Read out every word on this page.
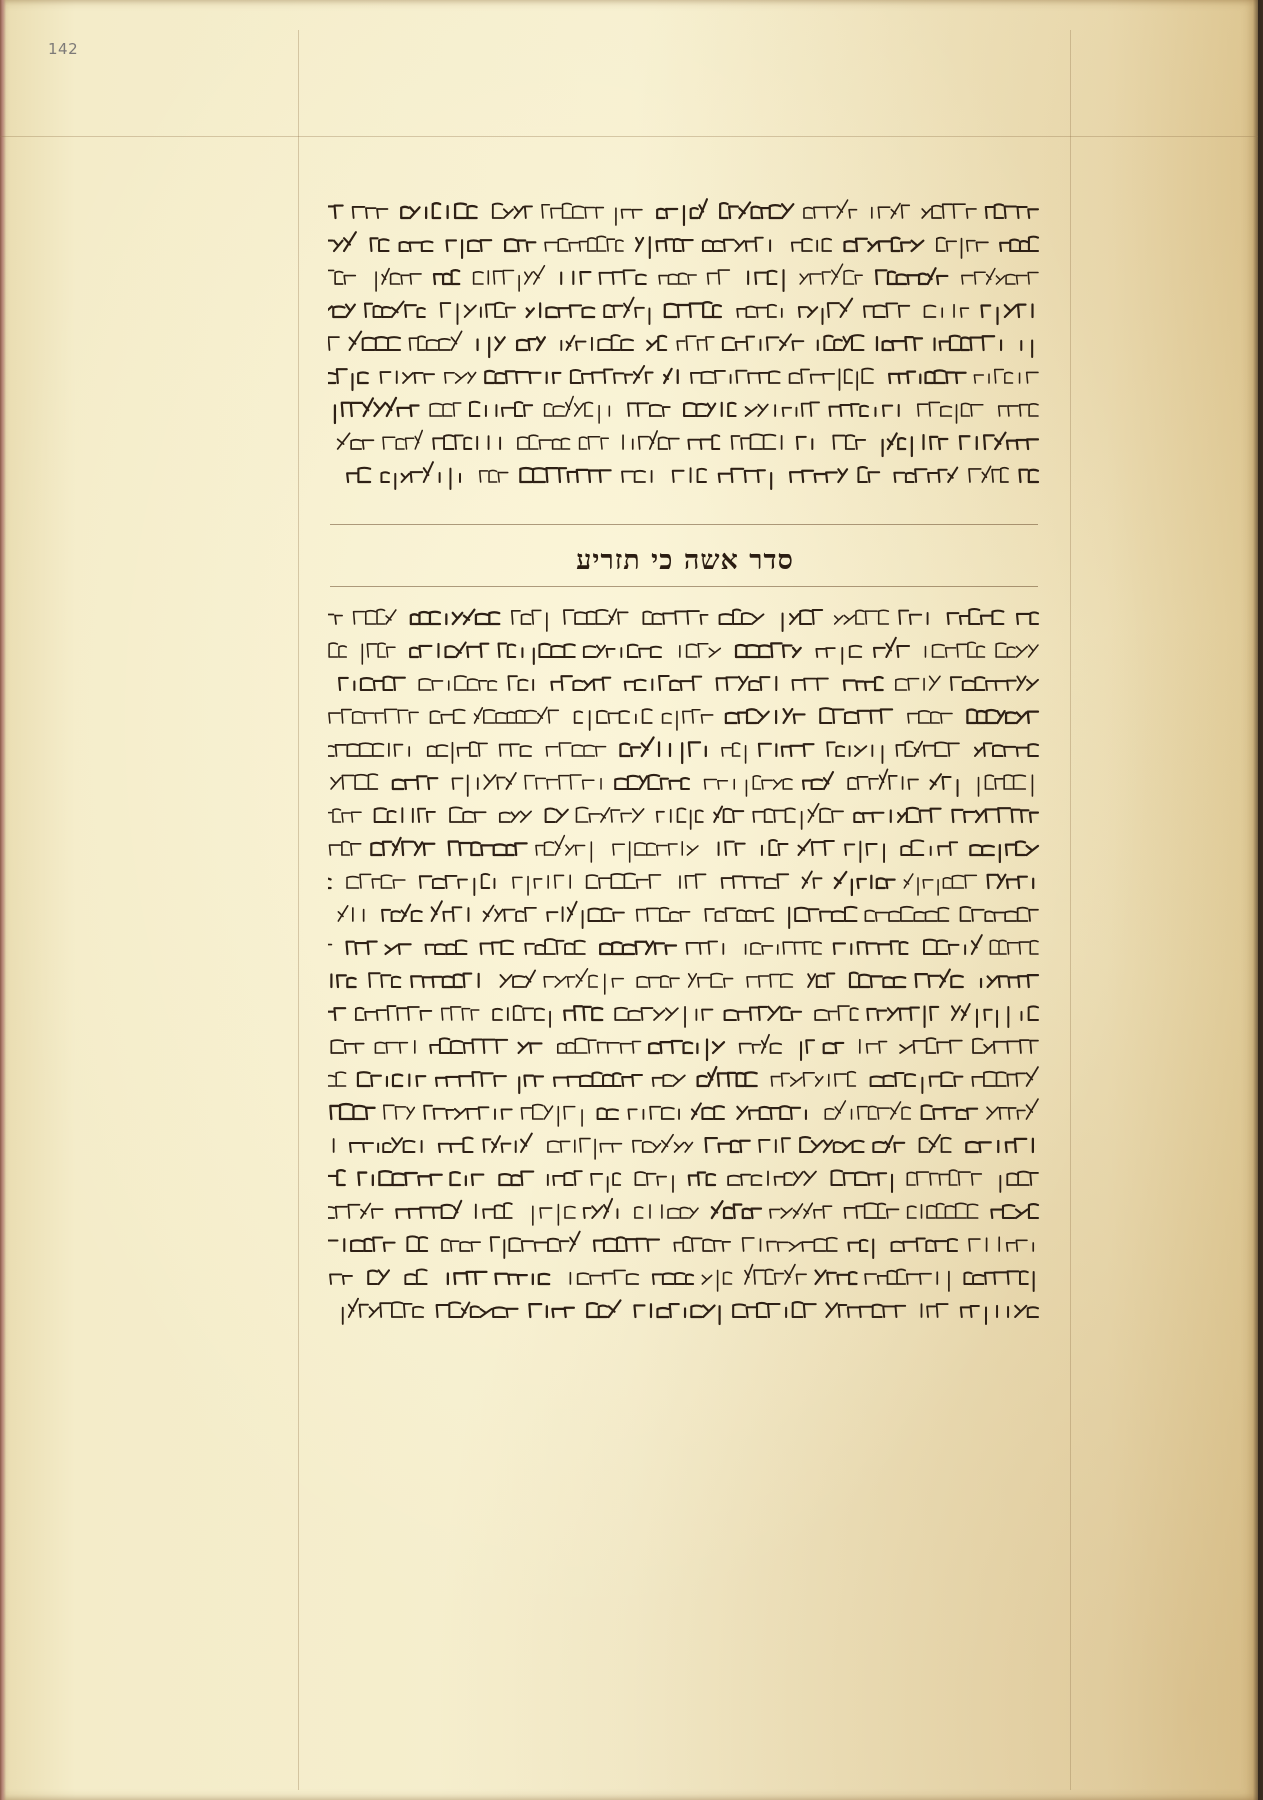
142
סדר אשה כי תזריע
